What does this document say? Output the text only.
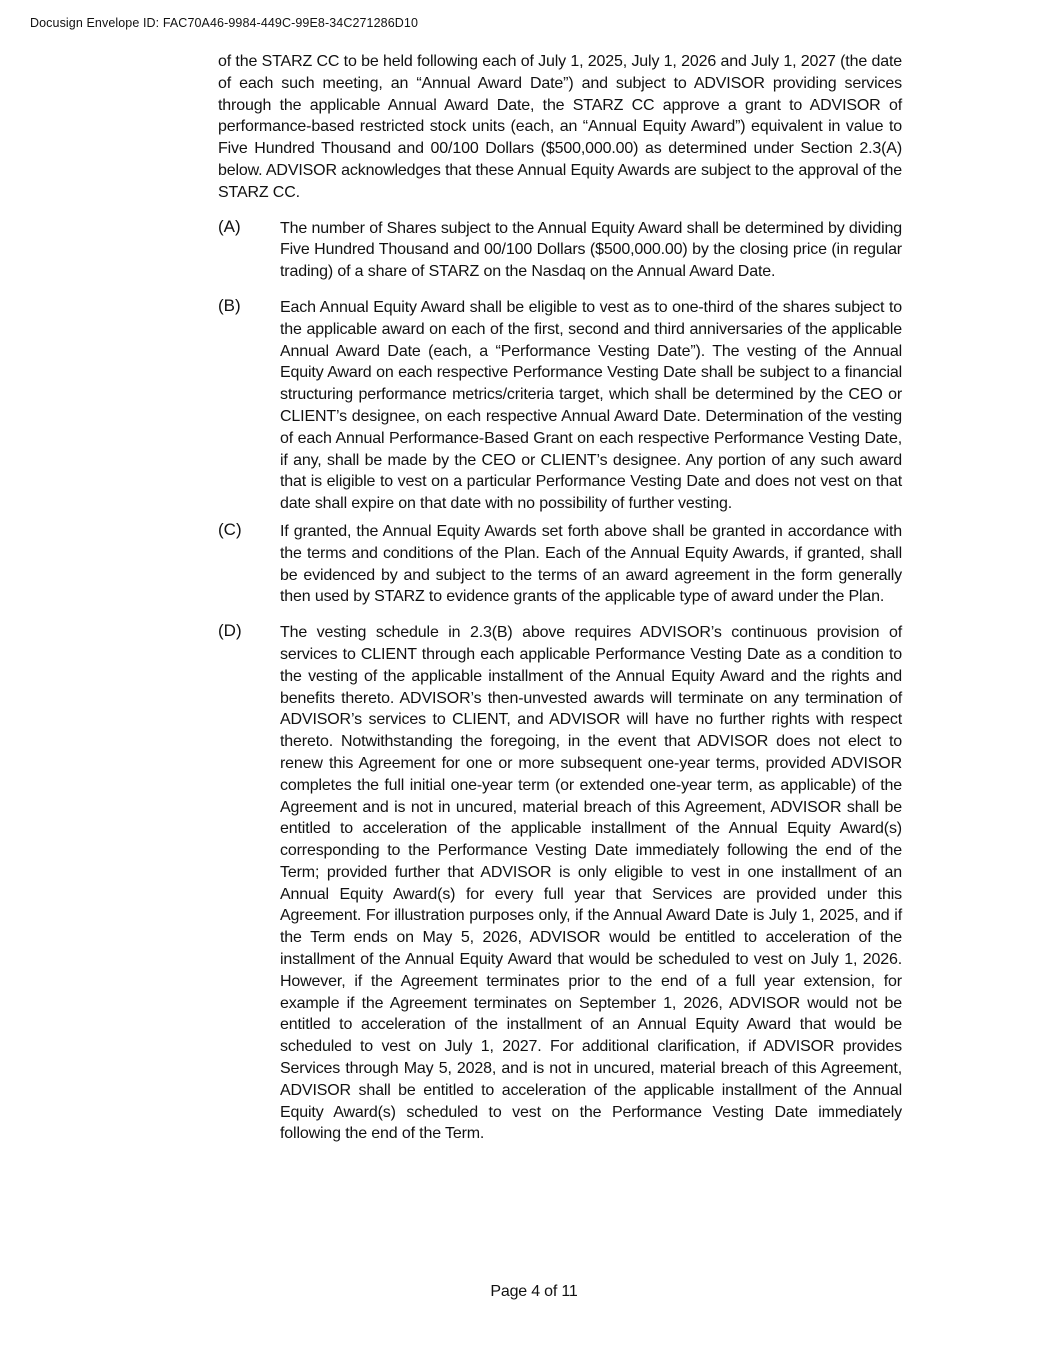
Docusign Envelope ID: FAC70A46-9984-449C-99E8-34C271286D10

of the STARZ CC to be held following each of July 1, 2025, July 1, 2026 and July 1, 2027 (the date of each such meeting, an “Annual Award Date”) and subject to ADVISOR providing services through the applicable Annual Award Date, the STARZ CC approve a grant to ADVISOR of performance-based restricted stock units (each, an “Annual Equity Award”) equivalent in value to Five Hundred Thousand and 00/100 Dollars ($500,000.00) as determined under Section 2.3(A) below. ADVISOR acknowledges that these Annual Equity Awards are subject to the approval of the STARZ CC.

(A) The number of Shares subject to the Annual Equity Award shall be determined by dividing Five Hundred Thousand and 00/100 Dollars ($500,000.00) by the closing price (in regular trading) of a share of STARZ on the Nasdaq on the Annual Award Date.

(B) Each Annual Equity Award shall be eligible to vest as to one-third of the shares subject to the applicable award on each of the first, second and third anniversaries of the applicable Annual Award Date (each, a “Performance Vesting Date”). The vesting of the Annual Equity Award on each respective Performance Vesting Date shall be subject to a financial structuring performance metrics/criteria target, which shall be determined by the CEO or CLIENT’s designee, on each respective Annual Award Date. Determination of the vesting of each Annual Performance-Based Grant on each respective Performance Vesting Date, if any, shall be made by the CEO or CLIENT’s designee. Any portion of any such award that is eligible to vest on a particular Performance Vesting Date and does not vest on that date shall expire on that date with no possibility of further vesting.

(C) If granted, the Annual Equity Awards set forth above shall be granted in accordance with the terms and conditions of the Plan. Each of the Annual Equity Awards, if granted, shall be evidenced by and subject to the terms of an award agreement in the form generally then used by STARZ to evidence grants of the applicable type of award under the Plan.

(D) The vesting schedule in 2.3(B) above requires ADVISOR’s continuous provision of services to CLIENT through each applicable Performance Vesting Date as a condition to the vesting of the applicable installment of the Annual Equity Award and the rights and benefits thereto. ADVISOR’s then-unvested awards will terminate on any termination of ADVISOR’s services to CLIENT, and ADVISOR will have no further rights with respect thereto. Notwithstanding the foregoing, in the event that ADVISOR does not elect to renew this Agreement for one or more subsequent one-year terms, provided ADVISOR completes the full initial one-year term (or extended one-year term, as applicable) of the Agreement and is not in uncured, material breach of this Agreement, ADVISOR shall be entitled to acceleration of the applicable installment of the Annual Equity Award(s) corresponding to the Performance Vesting Date immediately following the end of the Term; provided further that ADVISOR is only eligible to vest in one installment of an Annual Equity Award(s) for every full year that Services are provided under this Agreement. For illustration purposes only, if the Annual Award Date is July 1, 2025, and if the Term ends on May 5, 2026, ADVISOR would be entitled to acceleration of the installment of the Annual Equity Award that would be scheduled to vest on July 1, 2026. However, if the Agreement terminates prior to the end of a full year extension, for example if the Agreement terminates on September 1, 2026, ADVISOR would not be entitled to acceleration of the installment of an Annual Equity Award that would be scheduled to vest on July 1, 2027. For additional clarification, if ADVISOR provides Services through May 5, 2028, and is not in uncured, material breach of this Agreement, ADVISOR shall be entitled to acceleration of the applicable installment of the Annual Equity Award(s) scheduled to vest on the Performance Vesting Date immediately following the end of the Term.

Page 4 of 11
